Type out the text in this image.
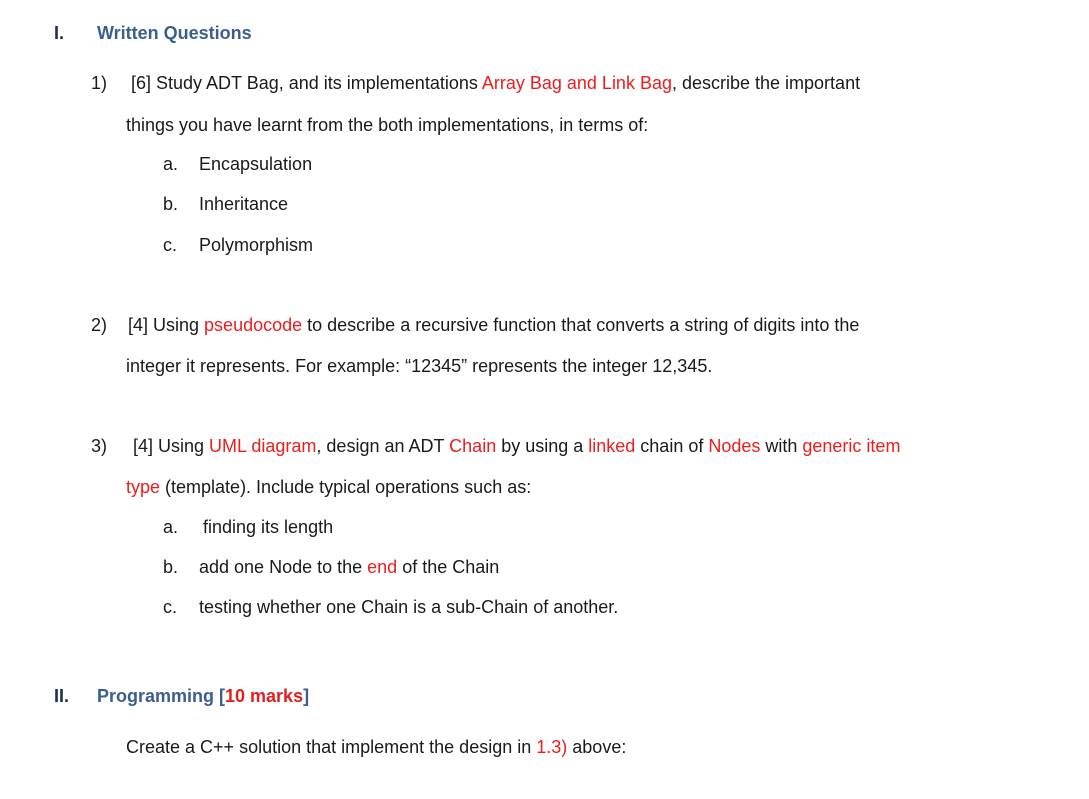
I. Written Questions
1) [6] Study ADT Bag, and its implementations Array Bag and Link Bag, describe the important
things you have learnt from the both implementations, in terms of:
a. Encapsulation
b. Inheritance
c. Polymorphism
2) [4] Using pseudocode to describe a recursive function that converts a string of digits into the
integer it represents. For example: “12345” represents the integer 12,345.
3) [4] Using UML diagram, design an ADT Chain by using a linked chain of Nodes with generic item
type (template). Include typical operations such as:
a. finding its length
b. add one Node to the end of the Chain
c. testing whether one Chain is a sub-Chain of another.
II. Programming [10 marks]
Create a C++ solution that implement the design in 1.3) above:
